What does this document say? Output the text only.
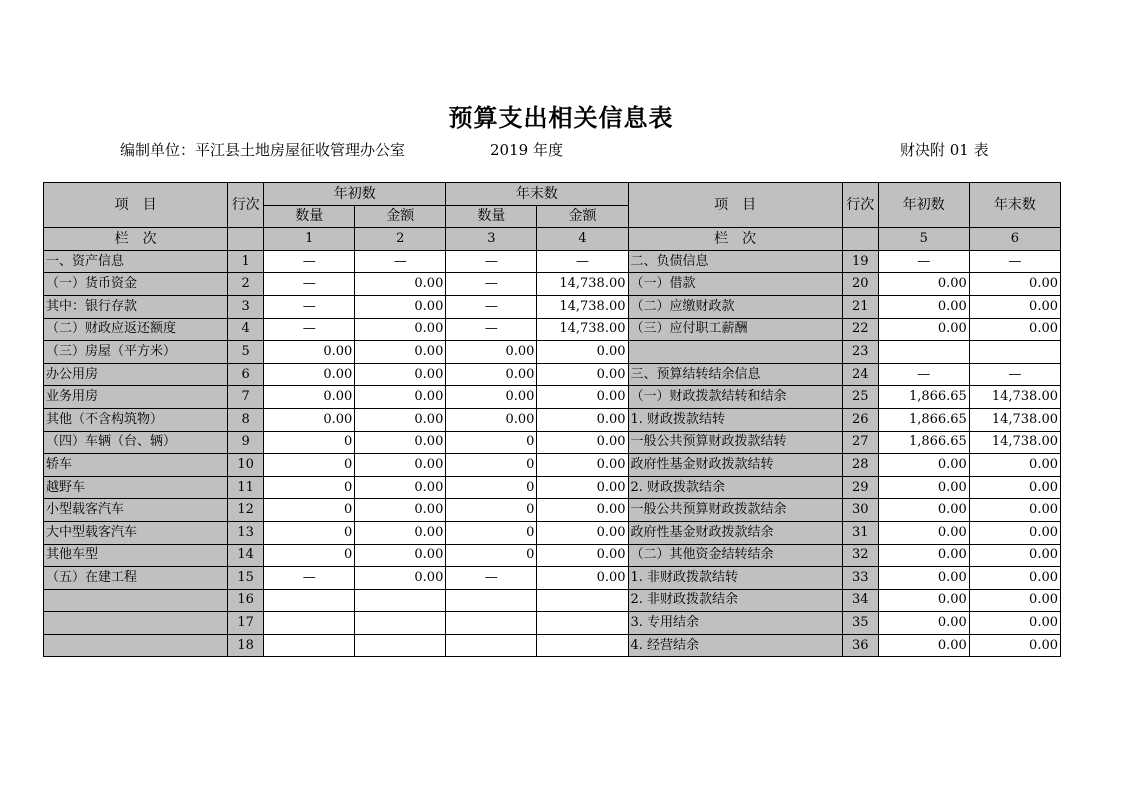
预算支出相关信息表
编制单位：平江县土地房屋征收管理办公室	2019 年度	财决附 01 表
项　目	行次	年初数		年末数		项　目	行次	年初数	年末数
		数量	金额	数量	金额				
栏　次		1	2	3	4	栏　次		5	6
一、资产信息	1	—	—	—	—	二、负债信息	19	—	—
（一）货币资金	2	—	0.00	—	14,738.00	（一）借款	20	0.00	0.00
其中：银行存款	3	—	0.00	—	14,738.00	（二）应缴财政款	21	0.00	0.00
（二）财政应返还额度	4	—	0.00	—	14,738.00	（三）应付职工薪酬	22	0.00	0.00
（三）房屋（平方米）	5	0.00	0.00	0.00	0.00		23		
办公用房	6	0.00	0.00	0.00	0.00	三、预算结转结余信息	24	—	—
业务用房	7	0.00	0.00	0.00	0.00	（一）财政拨款结转和结余	25	1,866.65	14,738.00
其他（不含构筑物）	8	0.00	0.00	0.00	0.00	1. 财政拨款结转	26	1,866.65	14,738.00
（四）车辆（台、辆）	9	0	0.00	0	0.00	一般公共预算财政拨款结转	27	1,866.65	14,738.00
轿车	10	0	0.00	0	0.00	政府性基金财政拨款结转	28	0.00	0.00
越野车	11	0	0.00	0	0.00	2. 财政拨款结余	29	0.00	0.00
小型载客汽车	12	0	0.00	0	0.00	一般公共预算财政拨款结余	30	0.00	0.00
大中型载客汽车	13	0	0.00	0	0.00	政府性基金财政拨款结余	31	0.00	0.00
其他车型	14	0	0.00	0	0.00	（二）其他资金结转结余	32	0.00	0.00
（五）在建工程	15	—	0.00	—	0.00	1. 非财政拨款结转	33	0.00	0.00
	16					2. 非财政拨款结余	34	0.00	0.00
	17					3. 专用结余	35	0.00	0.00
	18					4. 经营结余	36	0.00	0.00
